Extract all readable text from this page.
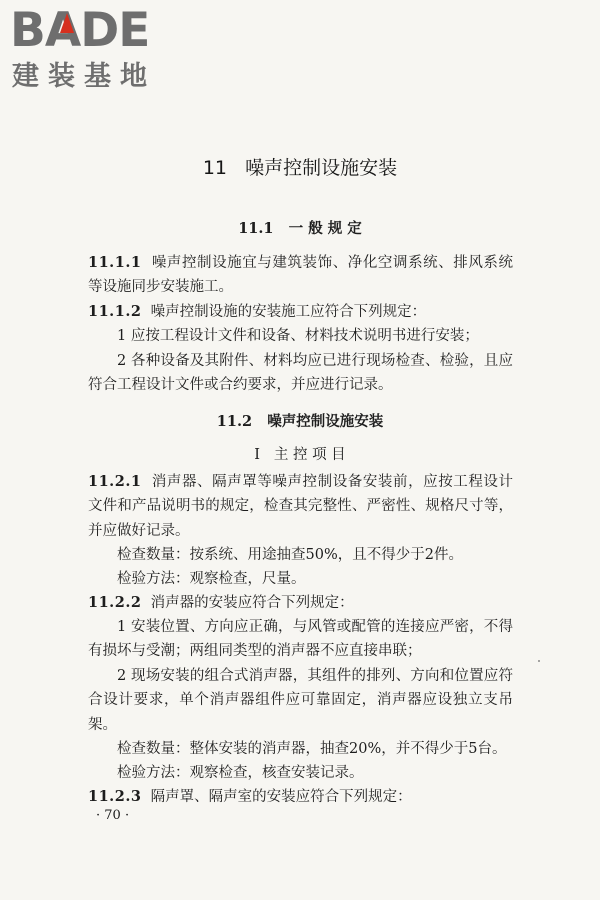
BA
DE
建装基地
11   噪声控制设施安装
11.1   一 般 规 定
11.1.1 噪声控制设施宜与建筑装饰、净化空调系统、排风系统等设施同步安装施工。
11.1.2 噪声控制设施的安装施工应符合下列规定：
1 应按工程设计文件和设备、材料技术说明书进行安装；
2 各种设备及其附件、材料均应已进行现场检查、检验，且应符合工程设计文件或合约要求，并应进行记录。
11.2   噪声控制设施安装
Ⅰ   主 控 项 目
11.2.1 消声器、隔声罩等噪声控制设备安装前，应按工程设计文件和产品说明书的规定，检查其完整性、严密性、规格尺寸等，并应做好记录。
检查数量：按系统、用途抽查50%，且不得少于2件。
检验方法：观察检查，尺量。
11.2.2 消声器的安装应符合下列规定：
1 安装位置、方向应正确，与风管或配管的连接应严密，不得有损坏与受潮；两组同类型的消声器不应直接串联；
2 现场安装的组合式消声器，其组件的排列、方向和位置应符合设计要求，单个消声器组件应可靠固定，消声器应设独立支吊架。
检查数量：整体安装的消声器，抽查20%，并不得少于5台。
检验方法：观察检查，核查安装记录。
11.2.3 隔声罩、隔声室的安装应符合下列规定：
· 70 ·
